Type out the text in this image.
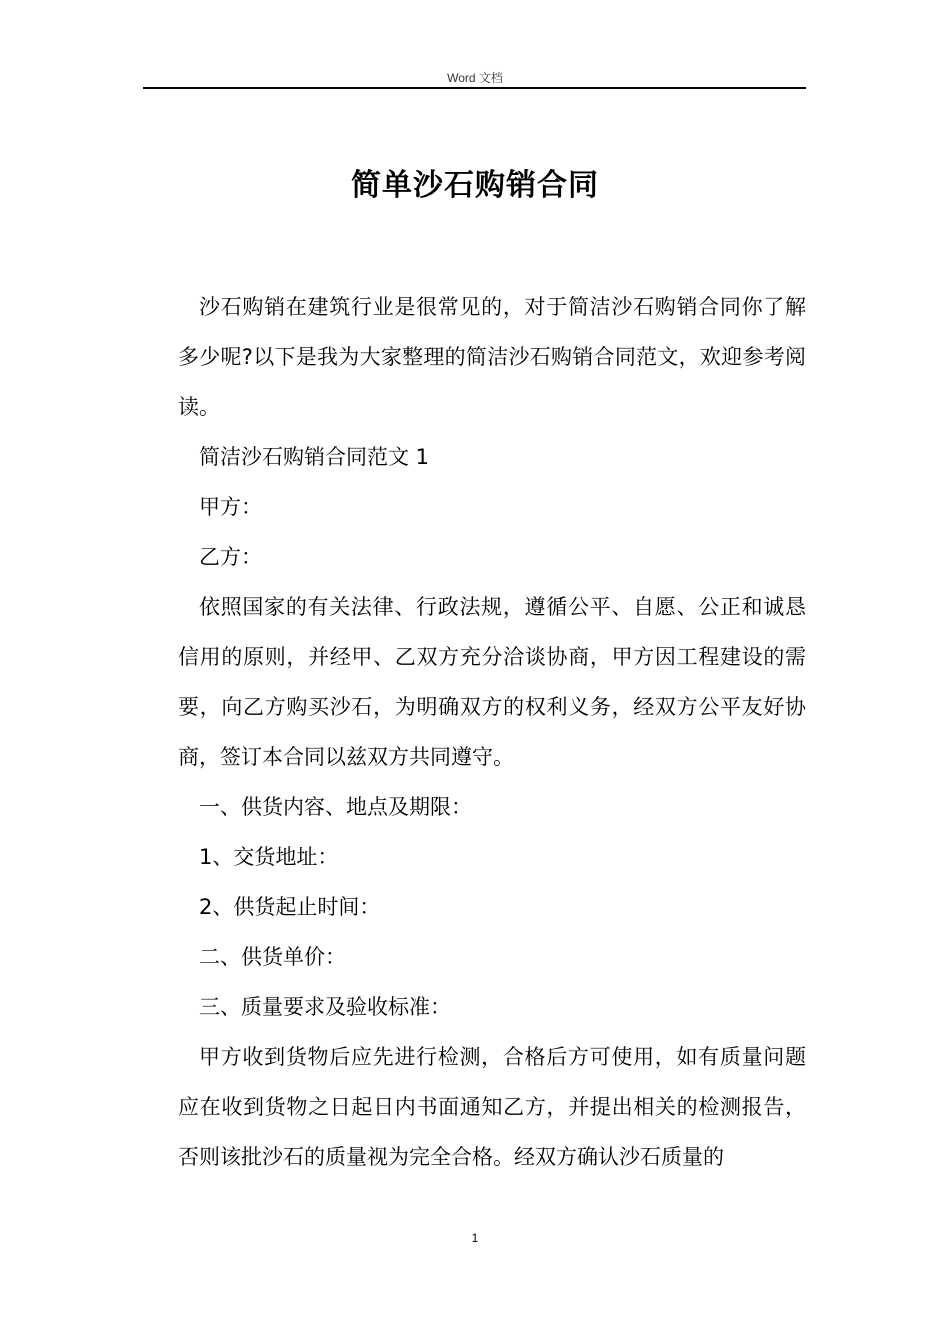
Word 文档
简单沙石购销合同

沙石购销在建筑行业是很常见的，对于简洁沙石购销合同你了解多少呢?以下是我为大家整理的简洁沙石购销合同范文，欢迎参考阅读。

简洁沙石购销合同范文 1

甲方：

乙方：

依照国家的有关法律、行政法规，遵循公平、自愿、公正和诚恳信用的原则，并经甲、乙双方充分洽谈协商，甲方因工程建设的需要，向乙方购买沙石，为明确双方的权利义务，经双方公平友好协商，签订本合同以兹双方共同遵守。

一、供货内容、地点及期限：

1、交货地址：

2、供货起止时间：

二、供货单价：

三、质量要求及验收标准：

甲方收到货物后应先进行检测，合格后方可使用，如有质量问题应在收到货物之日起日内书面通知乙方，并提出相关的检测报告，否则该批沙石的质量视为完全合格。经双方确认沙石质量的

1
